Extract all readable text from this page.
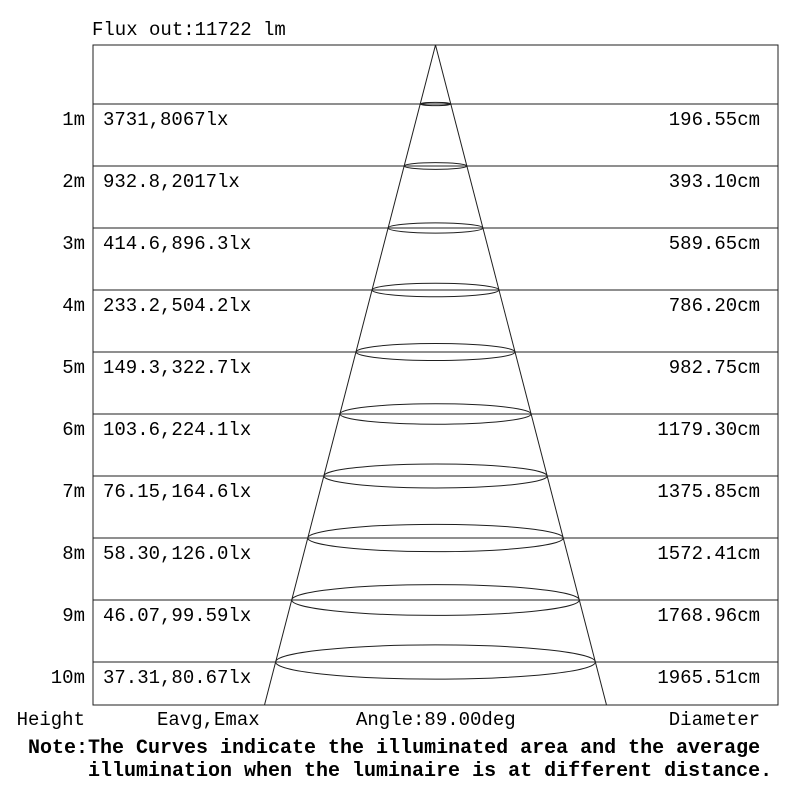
Flux out:11722 lm
1m 3731,8067lx	196.55cm
2m 932.8,2017lx	393.10cm
3m 414.6,896.3lx	589.65cm
4m 233.2,504.2lx	786.20cm
5m 149.3,322.7lx	982.75cm
6m 103.6,224.1lx	1179.30cm
7m 76.15,164.6lx	1375.85cm
8m 58.30,126.0lx	1572.41cm
9m 46.07,99.59lx	1768.96cm
10m 37.31,80.67lx	1965.51cm
Height	Eavg,Emax	Angle:89.00deg	Diameter
Note:The Curves indicate the illuminated area and the average
illumination when the luminaire is at different distance.
